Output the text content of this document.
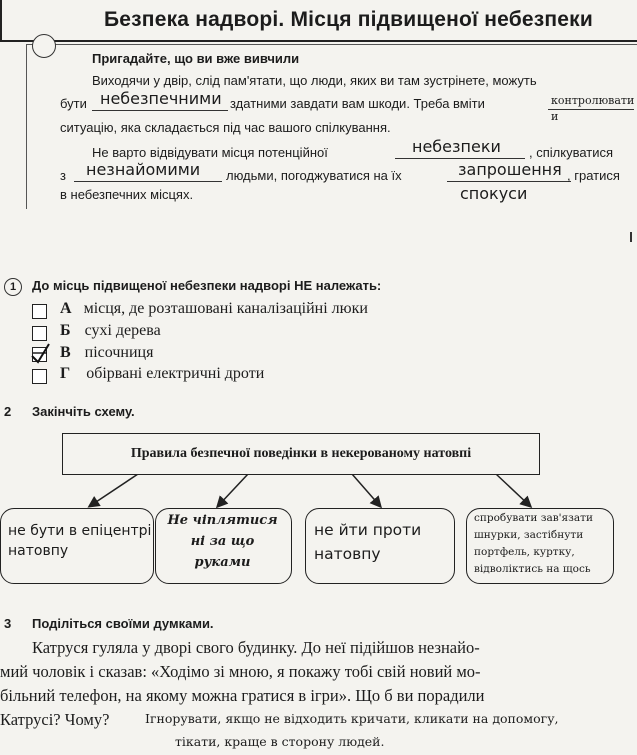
Безпека надворі. Місця підвищеної небезпеки
Пригадайте, що ви вже вивчили
Виходячи у двір, слід пам'ятати, що люди, яких ви там зустрінете, можуть
бути небезпечними здатними завдати вам шкоди. Треба вміти	контролювати
и
ситуацію, яка складається під час вашого спілкування.
Не варто відвідувати місця потенційної	небезпеки , спілкуватися
з незнайомими людьми, погоджуватися на їх	запрошення , гратися
в небезпечних місцях.	спокуси
1	До місць підвищеної небезпеки надворі НЕ належать:
А місця, де розташовані каналізаційні люки
Б сухі дерева
В пісочниця
Г обірвані електричні дроти
2 Закінчіть схему.
Правила безпечної поведінки в некерованому натовпі
не бути в епіцентрі
натовпу
Не чіплятися
ні за що
руками
не йти проти
натовпу
спробувати зав'язати
шнурки, застібнути
портфель, куртку,
відволіктись на щось
3 Поділіться своїми думками.
Катруся гуляла у дворі свого будинку. До неї підійшов незнайо-
мий чоловік і сказав: «Ходімо зі мною, я покажу тобі свій новий мо-
більний телефон, на якому можна гратися в ігри». Що б ви порадили
Катрусі? Чому?	Ігнорувати, якщо не відходить кричати, кликати на допомогу,
тікати, краще в сторону людей.
